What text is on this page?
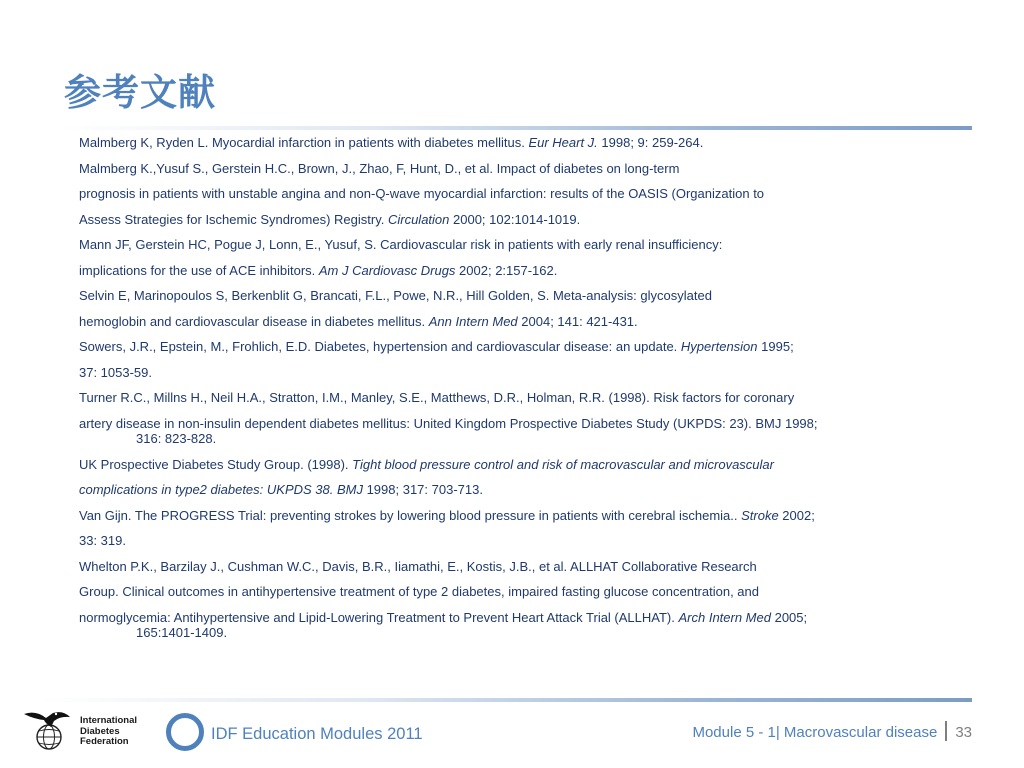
参考文献

Malmberg K, Ryden L. Myocardial infarction in patients with diabetes mellitus. Eur Heart J. 1998; 9: 259-264.

Malmberg K.,Yusuf S., Gerstein H.C., Brown, J., Zhao, F, Hunt, D., et al. Impact of diabetes on long-term

prognosis in patients with unstable angina and non-Q-wave myocardial infarction: results of the OASIS (Organization to

Assess Strategies for Ischemic Syndromes) Registry. Circulation 2000; 102:1014-1019.

Mann JF, Gerstein HC, Pogue J, Lonn, E., Yusuf, S. Cardiovascular risk in patients with early renal insufficiency:

implications for the use of ACE inhibitors. Am J Cardiovasc Drugs 2002; 2:157-162.

Selvin E, Marinopoulos S, Berkenblit G, Brancati, F.L., Powe, N.R., Hill Golden, S. Meta-analysis: glycosylated

hemoglobin and cardiovascular disease in diabetes mellitus. Ann Intern Med 2004; 141: 421-431.

Sowers, J.R., Epstein, M., Frohlich, E.D. Diabetes, hypertension and cardiovascular disease: an update. Hypertension 1995;

37: 1053-59.

Turner R.C., Millns H., Neil H.A., Stratton, I.M., Manley, S.E., Matthews, D.R., Holman, R.R. (1998). Risk factors for coronary

artery disease in non-insulin dependent diabetes mellitus: United Kingdom Prospective Diabetes Study (UKPDS: 23). BMJ 1998;

316: 823-828.

UK Prospective Diabetes Study Group. (1998). Tight blood pressure control and risk of macrovascular and microvascular

complications in type2 diabetes: UKPDS 38. BMJ 1998; 317: 703-713.

Van Gijn. The PROGRESS Trial: preventing strokes by lowering blood pressure in patients with cerebral ischemia.. Stroke 2002;

33: 319.

Whelton P.K., Barzilay J., Cushman W.C., Davis, B.R., Iiamathi, E., Kostis, J.B., et al. ALLHAT Collaborative Research

Group. Clinical outcomes in antihypertensive treatment of type 2 diabetes, impaired fasting glucose concentration, and

normoglycemia: Antihypertensive and Lipid-Lowering Treatment to Prevent Heart Attack Trial (ALLHAT). Arch Intern Med 2005;

165:1401-1409.

International
Diabetes
Federation	IDF Education Modules 2011	Module 5 - 1| Macrovascular disease 33
